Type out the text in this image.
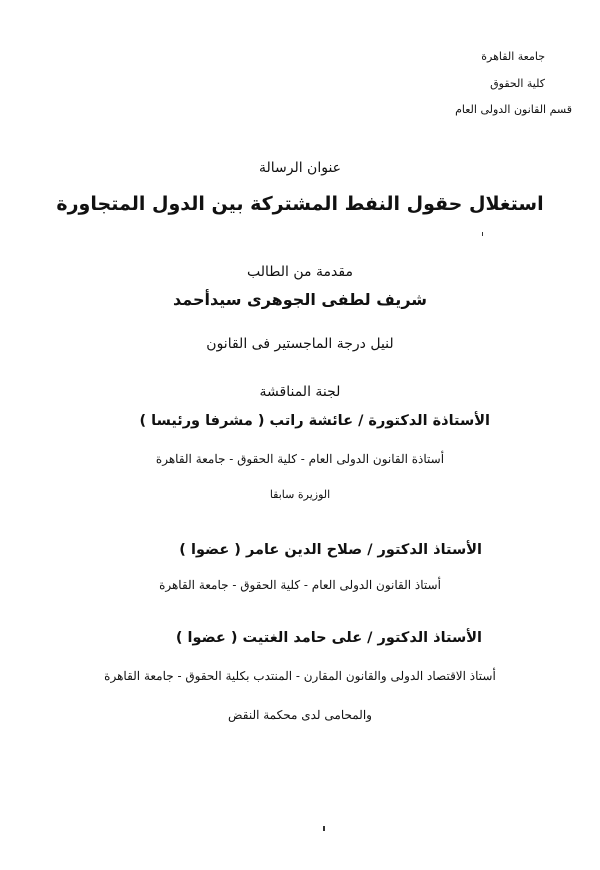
جامعة القاهرة
كلية الحقوق
قسم القانون الدولى العام
عنوان الرسالة
استغلال حقول النفط المشتركة بين الدول المتجاورة
مقدمة من الطالب
شريف لطفى الجوهرى سيدأحمد
لنيل درجة الماجستير فى القانون
لجنة المناقشة
الأستاذة الدكتورة / عائشة راتب ( مشرفا ورئيسا )
أستاذة القانون الدولى العام - كلية الحقوق - جامعة القاهرة
الوزيرة سابقا
الأستاذ الدكتور / صلاح الدين عامر ( عضوا )
أستاذ القانون الدولى العام - كلية الحقوق - جامعة القاهرة
الأستاذ الدكتور / على حامد الغتيت ( عضوا )
أستاذ الاقتصاد الدولى والقانون المقارن - المنتدب بكلية الحقوق - جامعة القاهرة
والمحامى لدى محكمة النقض
